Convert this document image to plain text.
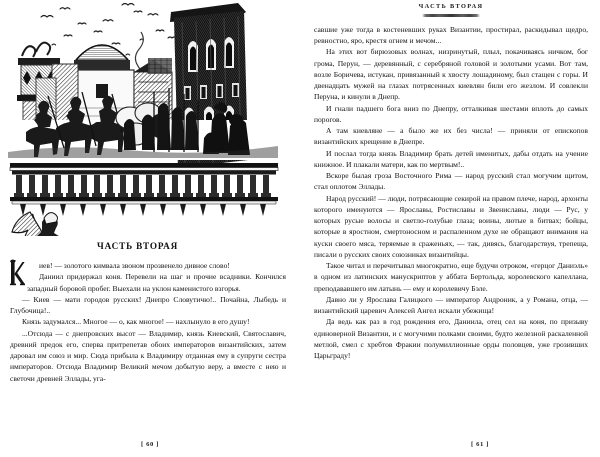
ЧАСТЬ ВТОРАЯ

иев! — золотого кимвала звоном прозвенело дивное слово!

Даниил придержал коня. Перевели на шаг и прочие всадники. Кончился западный боровой пробег. Выехали на уклон каменистого взгорья.

— Киев — мати городов русских! Днепро Словутичю!.. Почайна, Лыбедь и Глубочица!..

Князь задумался... Многое — о, как многое! — нахлынуло в его душу!

...Отсюда — с днепровских высот — Владимир, князь Киевский, Святославич, древний предок его, сперва притрепетав обоих императоров византийских, затем даровал им союз и мир. Сюда прибыла к Владимиру отданная ему в супруги сестра императоров. Отсюда Владимир Великий мечом добытую веру, а вместе с нею и светочи древней Эллады, уга-

[ 60 ]
ЧАСТЬ ВТОРАЯ

савшие уже тогда в костеневших руках Византии, простирал, раскидывал щедро, ревностно, яро, крестя огнем и мечом...

На этих вот бирюзовых волнах, низринутый, плыл, покачиваясь ничком, бог грома, Перун, — деревянный, с серебряной головой и золотыми усами. Вот там, возле Боричева, истукан, привязанный к хвосту лошадиному, был стащен с горы. И двенадцать мужей на глазах потрясенных киевлян били его жезлом. И совлекли Перуна, и кинули в Днепр.

И гнали падшего бога вниз по Днепру, отталкивая шестами вплоть до самых порогов.

А там киевляне — а было же их без числа! — приняли от епископов византийских крещение в Днепре.

И послал тогда князь Владимир брать детей именитых, дабы отдать на учение книжное. И плакали матери, как по мертвым!..

Вскоре былая гроза Восточного Рима — народ русский стал могучим щитом, стал оплотом Эллады.

Народ русский! — люди, потрясающие секирой на правом плече, народ, архонты которого именуются — Ярославы, Ростиславы и Звениславы, люди — Рус, у которых русые волосы и светло-голубые глаза; воины, лютые в битвах; бойцы, которые в яростном, смертоносном и распаленном духе не обращают внимания на куски своего мяса, теряемые в сраженьях, — так, дивясь, благодарствуя, трепеща, писали о русских своих союзниках византийцы.

Такое читал и перечитывал многократно, еще будучи отроком, «герцог Даниэль» в одном из латинских манускриптов у аббата Бертольда, королевского капеллана, преподававшего им латынь — ему и королевичу Бэле.

Давно ли у Ярослава Галицкого — император Андроник, а у Романа, отца, — византийский царевич Алексей Ангел искали убежища!

Да ведь как раз в год рождения его, Даниила, отец сел на коня, по призыву единоверной Византии, и с могучими полками своими, будто железной раскаленной метлой, смел с хребтов Фракии полумиллионные орды половцев, уже грозивших Царьграду!

[ 61 ]
